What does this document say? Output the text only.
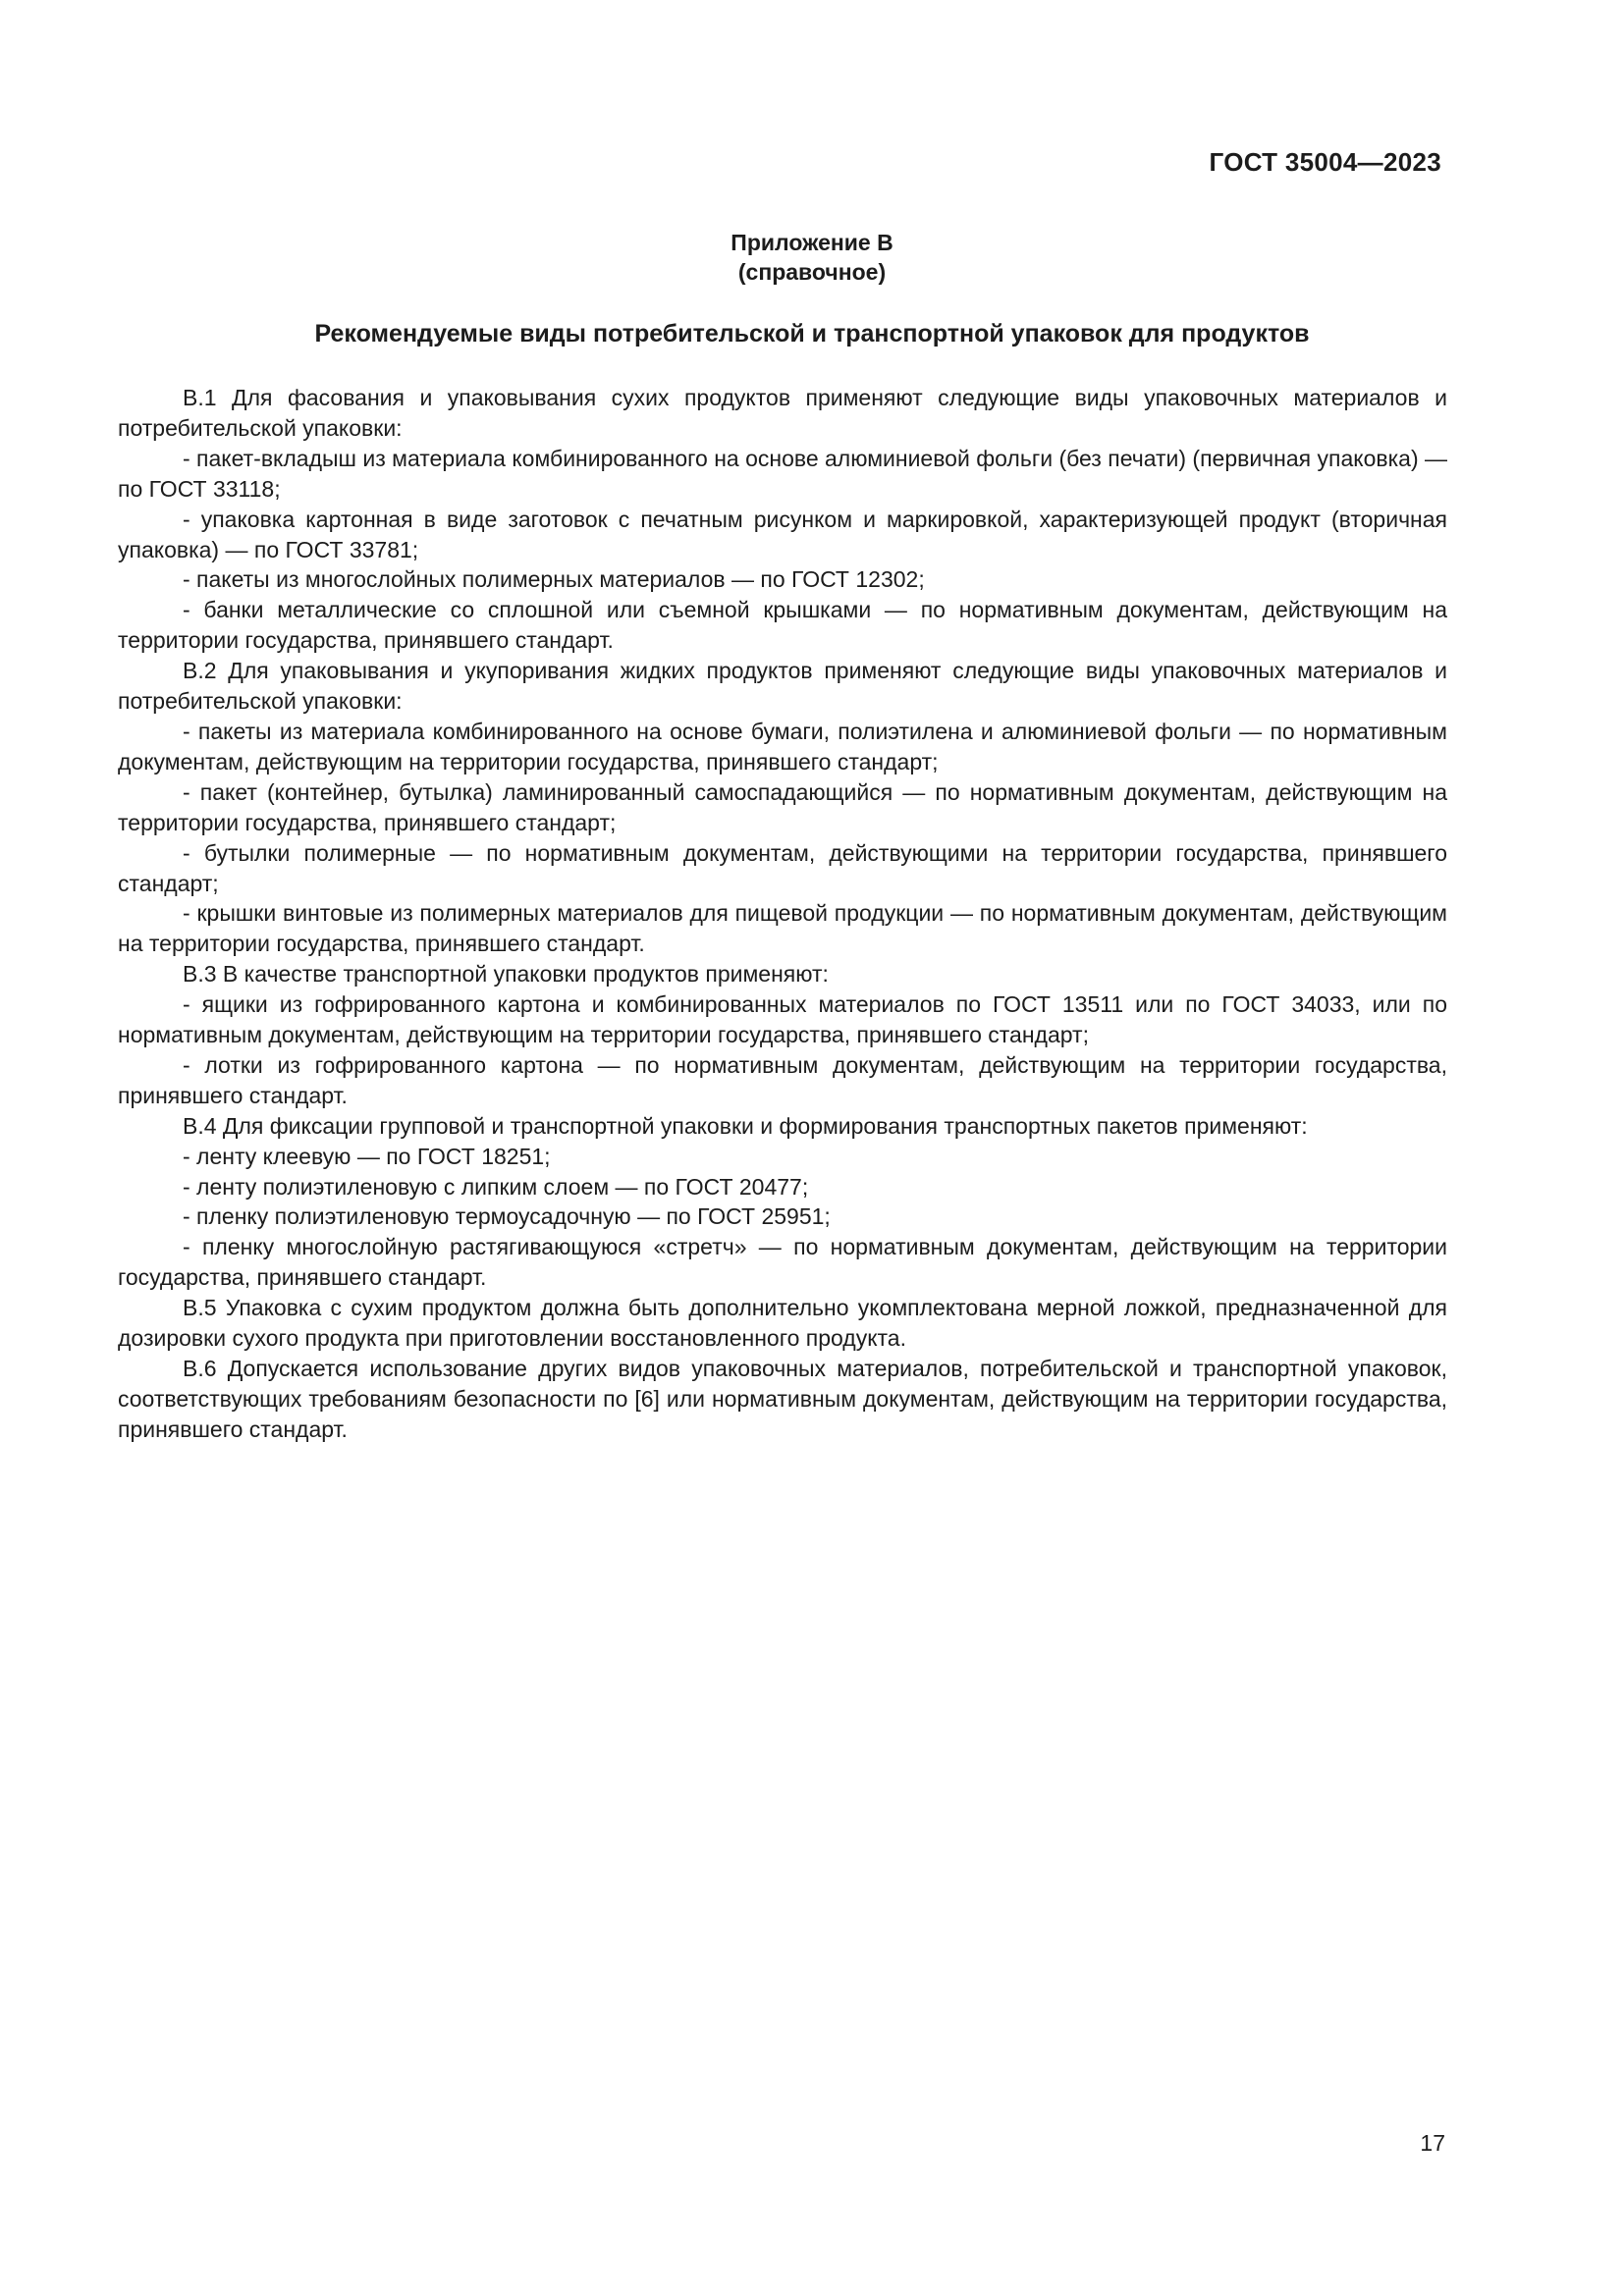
ГОСТ 35004—2023
Приложение В
(справочное)
Рекомендуемые виды потребительской и транспортной упаковок для продуктов

В.1 Для фасования и упаковывания сухих продуктов применяют следующие виды упаковочных материалов и потребительской упаковки:

- пакет-вкладыш из материала комбинированного на основе алюминиевой фольги (без печати) (первичная упаковка) — по ГОСТ 33118;

- упаковка картонная в виде заготовок с печатным рисунком и маркировкой, характеризующей продукт (вторичная упаковка) — по ГОСТ 33781;

- пакеты из многослойных полимерных материалов — по ГОСТ 12302;

- банки металлические со сплошной или съемной крышками — по нормативным документам, действующим на территории государства, принявшего стандарт.

В.2 Для упаковывания и укупоривания жидких продуктов применяют следующие виды упаковочных материалов и потребительской упаковки:

- пакеты из материала комбинированного на основе бумаги, полиэтилена и алюминиевой фольги — по нормативным документам, действующим на территории государства, принявшего стандарт;

- пакет (контейнер, бутылка) ламинированный самоспадающийся — по нормативным документам, действующим на территории государства, принявшего стандарт;

- бутылки полимерные — по нормативным документам, действующими на территории государства, принявшего стандарт;

- крышки винтовые из полимерных материалов для пищевой продукции — по нормативным документам, действующим на территории государства, принявшего стандарт.

В.3 В качестве транспортной упаковки продуктов применяют:

- ящики из гофрированного картона и комбинированных материалов по ГОСТ 13511 или по ГОСТ 34033, или по нормативным документам, действующим на территории государства, принявшего стандарт;

- лотки из гофрированного картона — по нормативным документам, действующим на территории государства, принявшего стандарт.

В.4 Для фиксации групповой и транспортной упаковки и формирования транспортных пакетов применяют:

- ленту клеевую — по ГОСТ 18251;

- ленту полиэтиленовую с липким слоем — по ГОСТ 20477;

- пленку полиэтиленовую термоусадочную — по ГОСТ 25951;

- пленку многослойную растягивающуюся «стретч» — по нормативным документам, действующим на территории государства, принявшего стандарт.

В.5 Упаковка с сухим продуктом должна быть дополнительно укомплектована мерной ложкой, предназначенной для дозировки сухого продукта при приготовлении восстановленного продукта.

В.6 Допускается использование других видов упаковочных материалов, потребительской и транспортной упаковок, соответствующих требованиям безопасности по [6] или нормативным документам, действующим на территории государства, принявшего стандарт.

17
